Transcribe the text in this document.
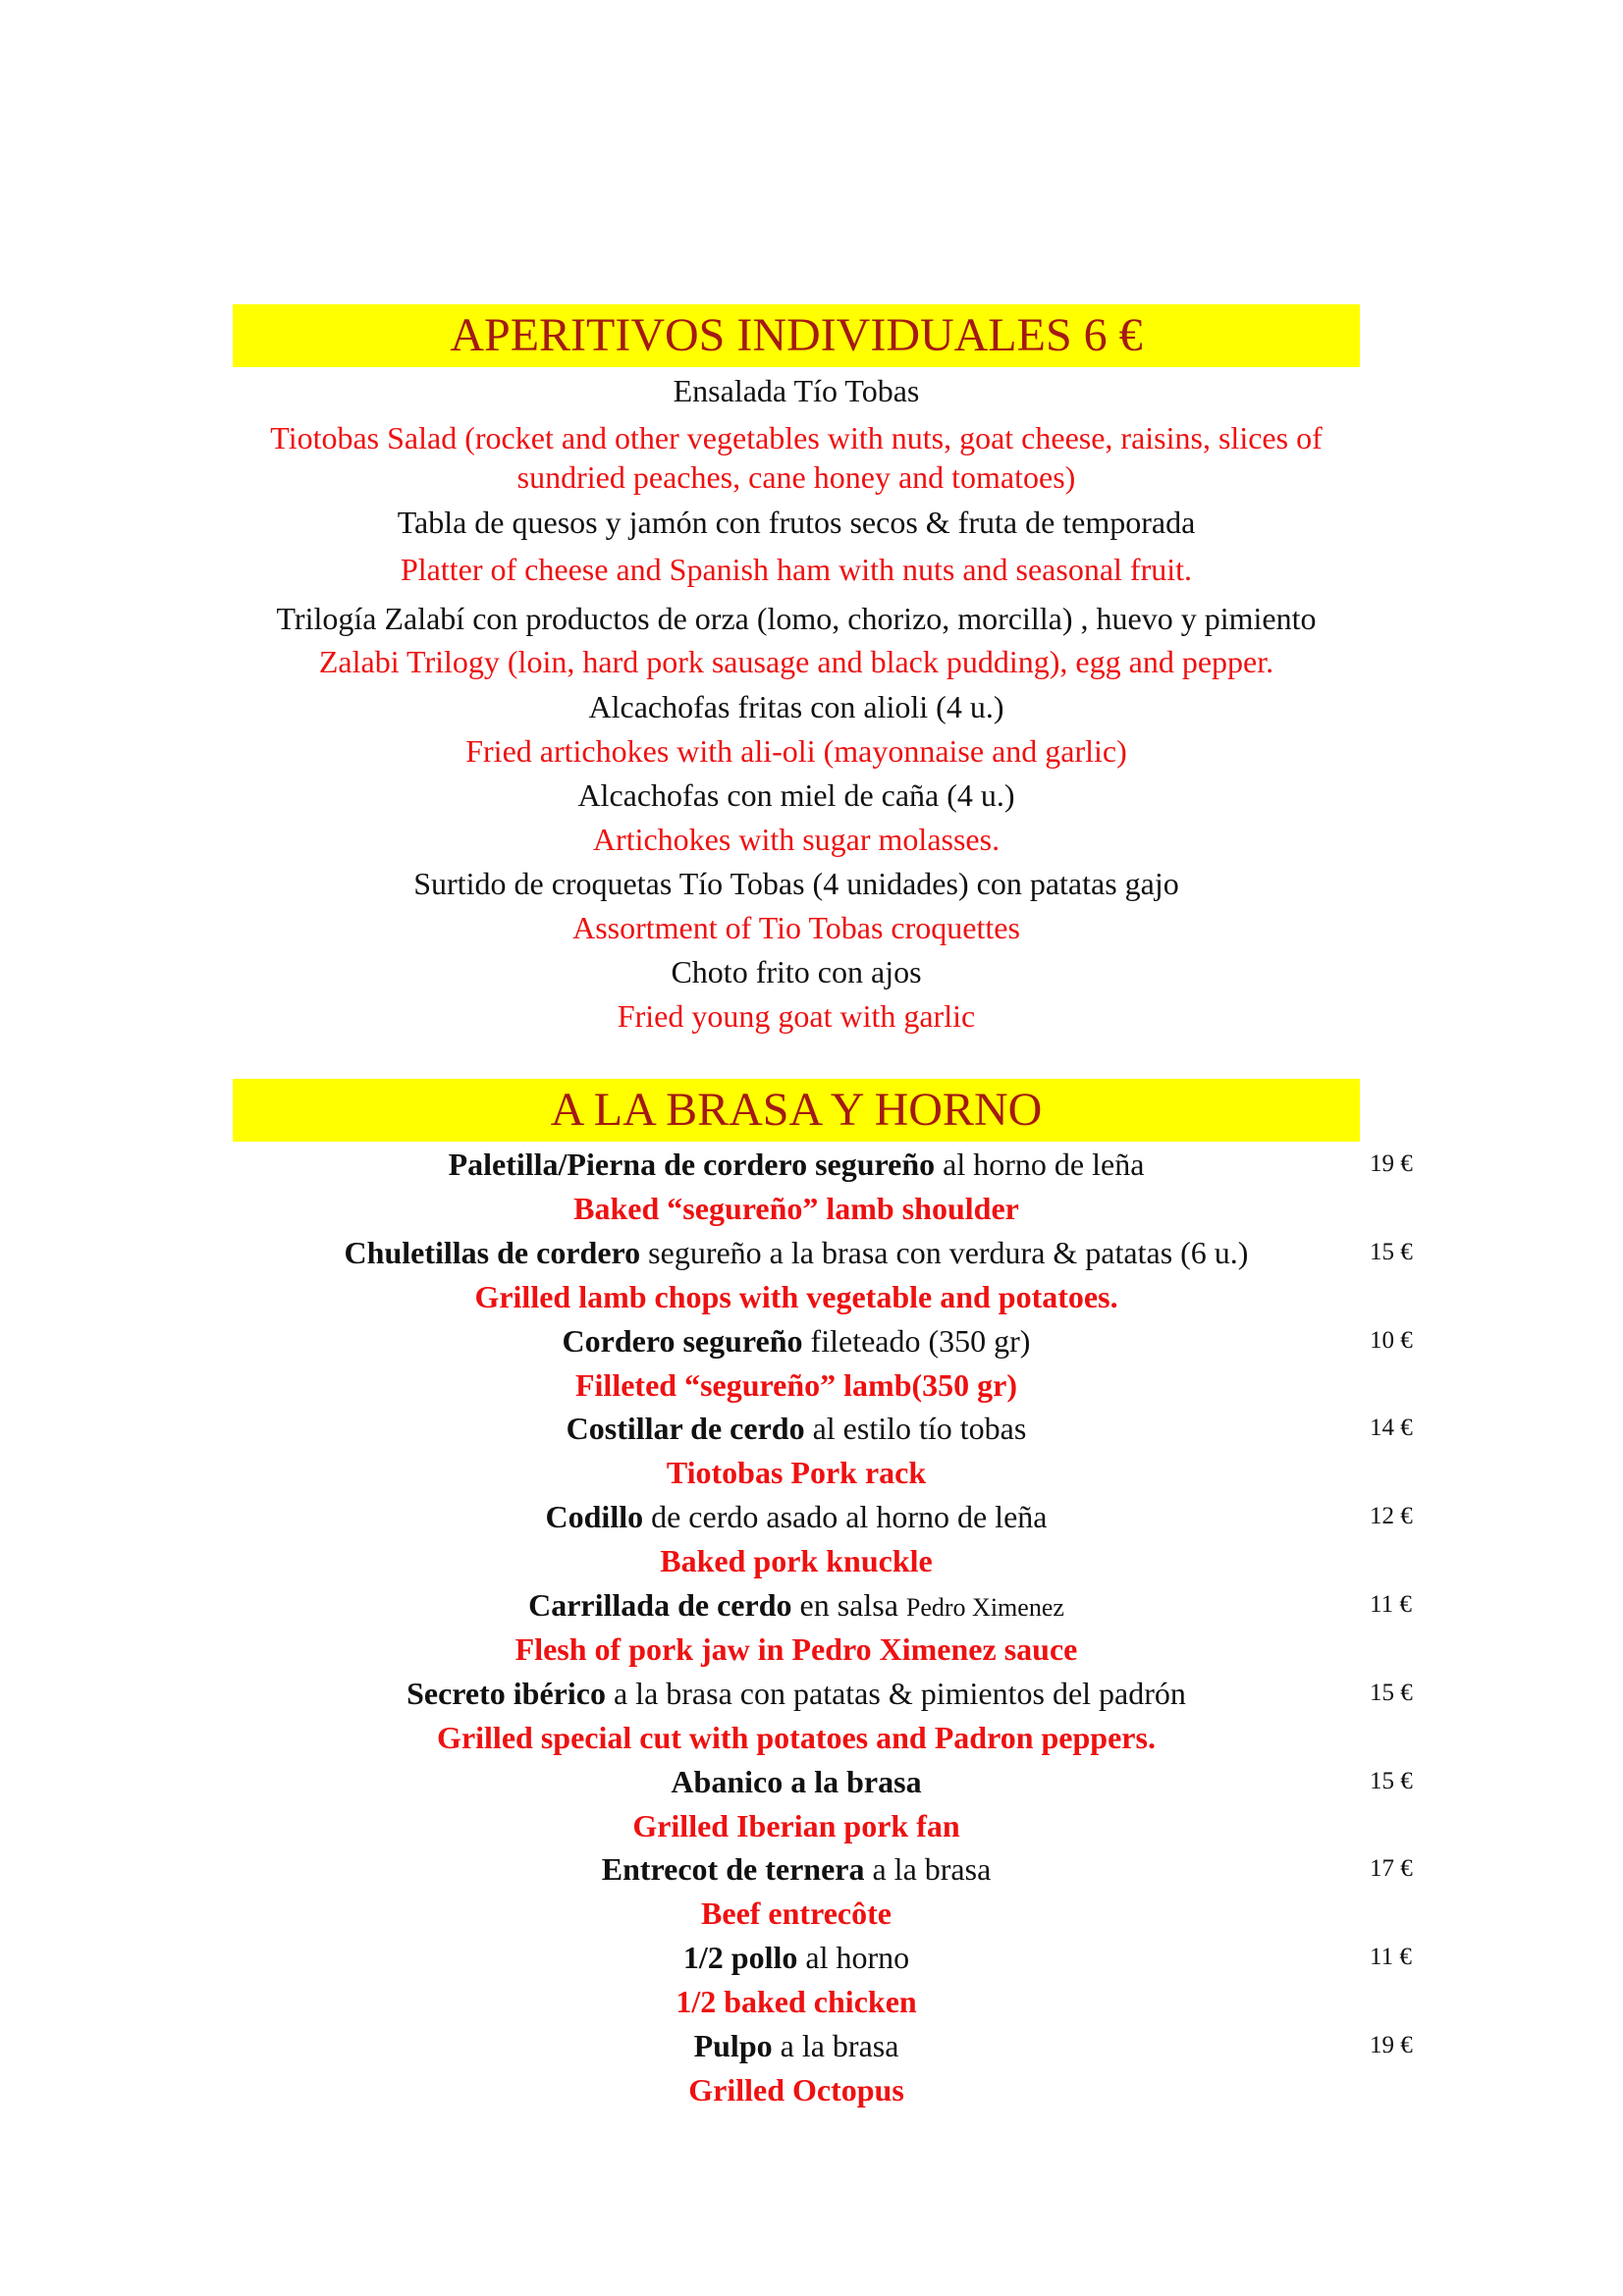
APERITIVOS INDIVIDUALES 6 €
Ensalada Tío Tobas
Tiotobas Salad (rocket and other vegetables with nuts, goat cheese, raisins, slices of sundried peaches, cane honey and tomatoes)
Tabla de quesos y jamón con frutos secos & fruta de temporada
Platter of cheese and Spanish ham with nuts and seasonal fruit.
Trilogía Zalabí con productos de orza (lomo, chorizo, morcilla) , huevo y pimiento
Zalabi Trilogy (loin, hard pork sausage and black pudding), egg and pepper.
Alcachofas fritas con alioli (4 u.)
Fried artichokes with ali-oli (mayonnaise and garlic)
Alcachofas con miel de caña (4 u.)
Artichokes with sugar molasses.
Surtido de croquetas Tío Tobas (4 unidades) con patatas gajo
Assortment of Tio Tobas croquettes
Choto frito con ajos
Fried young goat with garlic
A LA BRASA Y HORNO
Paletilla/Pierna de cordero segureño al horno de leña	19 €
Baked “segureño” lamb shoulder
Chuletillas de cordero segureño a la brasa con verdura & patatas (6 u.)	15 €
Grilled lamb chops with vegetable and potatoes.
Cordero segureño fileteado (350 gr)	10 €
Filleted “segureño” lamb(350 gr)
Costillar de cerdo al estilo tío tobas	14 €
Tiotobas Pork rack
Codillo de cerdo asado al horno de leña	12 €
Baked pork knuckle
Carrillada de cerdo en salsa Pedro Ximenez	11 €
Flesh of pork jaw in Pedro Ximenez sauce
Secreto ibérico a la brasa con patatas & pimientos del padrón	15 €
Grilled special cut with potatoes and Padron peppers.
Abanico a la brasa	15 €
Grilled Iberian pork fan
Entrecot de ternera a la brasa	17 €
Beef entrecôte
1/2 pollo al horno	11 €
1/2 baked chicken
Pulpo a la brasa	19 €
Grilled Octopus
